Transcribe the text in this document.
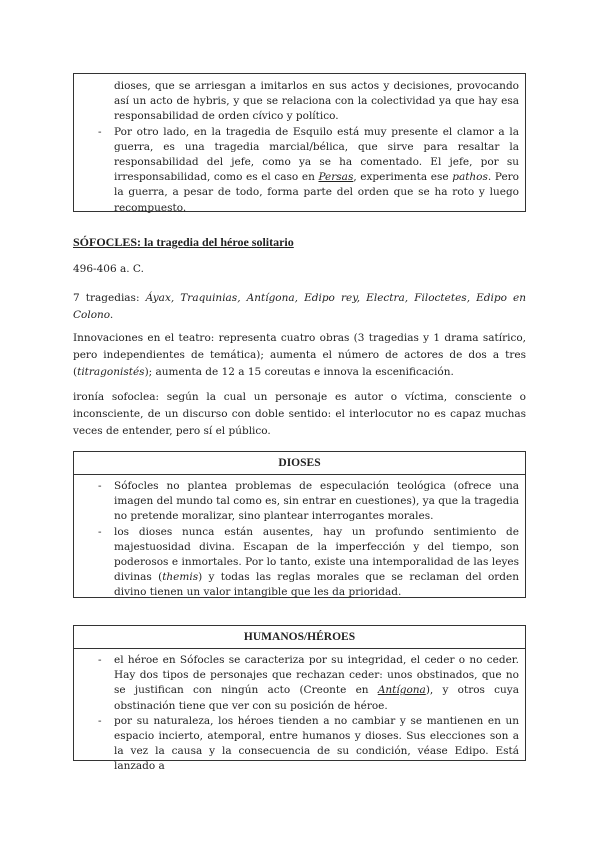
dioses, que se arriesgan a imitarlos en sus actos y decisiones, provocando así un acto de hybris, y que se relaciona con la colectividad ya que hay esa responsabilidad de orden cívico y político.
- Por otro lado, en la tragedia de Esquilo está muy presente el clamor a la guerra, es una tragedia marcial/bélica, que sirve para resaltar la responsabilidad del jefe, como ya se ha comentado. El jefe, por su irresponsabilidad, como es el caso en Persas, experimenta ese pathos. Pero la guerra, a pesar de todo, forma parte del orden que se ha roto y luego recompuesto.
SÓFOCLES: la tragedia del héroe solitario

496-406 a. C.

7 tragedias: Áyax, Traquinias, Antígona, Edipo rey, Electra, Filoctetes, Edipo en Colono.

Innovaciones en el teatro: representa cuatro obras (3 tragedias y 1 drama satírico, pero independientes de temática); aumenta el número de actores de dos a tres (titragonistés); aumenta de 12 a 15 coreutas e innova la escenificación.

ironía sofoclea: según la cual un personaje es autor o víctima, consciente o inconsciente, de un discurso con doble sentido: el interlocutor no es capaz muchas veces de entender, pero sí el público.

DIOSES
- Sófocles no plantea problemas de especulación teológica (ofrece una imagen del mundo tal como es, sin entrar en cuestiones), ya que la tragedia no pretende moralizar, sino plantear interrogantes morales.
- los dioses nunca están ausentes, hay un profundo sentimiento de majestuosidad divina. Escapan de la imperfección y del tiempo, son poderosos e inmortales. Por lo tanto, existe una intemporalidad de las leyes divinas (themis) y todas las reglas morales que se reclaman del orden divino tienen un valor intangible que les da prioridad.
HUMANOS/HÉROES
- el héroe en Sófocles se caracteriza por su integridad, el ceder o no ceder. Hay dos tipos de personajes que rechazan ceder: unos obstinados, que no se justifican con ningún acto (Creonte en Antígona), y otros cuya obstinación tiene que ver con su posición de héroe.
- por su naturaleza, los héroes tienden a no cambiar y se mantienen en un espacio incierto, atemporal, entre humanos y dioses. Sus elecciones son a la vez la causa y la consecuencia de su condición, véase Edipo. Está lanzado a
